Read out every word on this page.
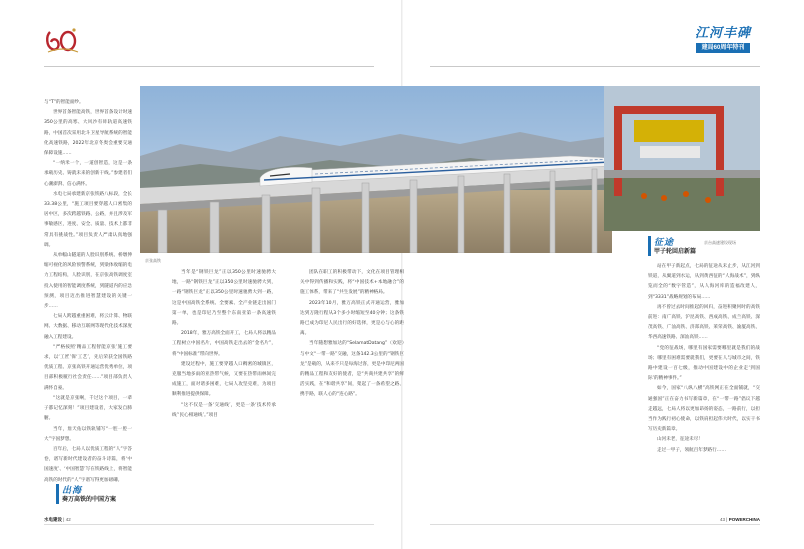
江河丰碑
建局60周年特刊

与“T”的智能面纱。

世界首条智能高铁，世界首条设计时速350公里的高寒、大风沙有砟轨道高速铁路，中国首次采用北斗卫星导航系统的智能化高速铁路，2022年北京冬奥会重要交通保障设施……

“一纳米一个，一道创智造，这是一条承载历史、铸就未来的创新干线。”参建者们心潮澎湃、信心满怀。

水电七局承建新京张铁路八标段，全长33.38公里，“施工项目要穿越人口密集的居中区，多次跨越铁路、公路，并且涉及军事敏感区，进度、安全、质量、技术上都非常具有挑战性。”项目负责人严肃认真地强调。

从单幅山隧道的人脸识别系统、桥墩伸缩可视化的风险预警系统，到梁体收缩的电力工程结构，人脸识别，在京张高铁调度室投入使用的智能调度系统，到隧道内的应急预测，项目迈出推进智慧建设的关键一步……

七局人跨越重重困难，将云计算、物联网、大数据、移动互联网等现代化技术深度融入工程建设。

“严格按照‘精品工程智能京张’施工要求，以‘工匠’保‘工艺’，先后荣获全国铁路优质工程、京张高铁开通运营优秀单位，项目部积极履行社会责任……”项目部负责人满怀自豪。

“这就是京张啊，千过这个项目，一辈子都记忆深刻！”项目建设者，大家发自肺腑。

当年，詹天佑以铁轨铺写“一腔一腔一大”字国梦想。

百年后，七局人以优质工程的“人”字答卷，谱写新时代建设者的奋斗诗篇，将‘中国速度’、‘中国智慧’写在铁路线上，将智能高铁的时代的“人”字谱写得更加磅礴。

京张高铁
京台高速建设现场
出海
奏万高铁的中国方案

当年是“钢铁巨龙”正以350公里时速驰骋大地，一路“钢铁巨龙”正以350公里时速驰骋大到，一路“钢铁巨龙”正以350公里时速驰骋大到一路，这是中国高铁全系统、全要素、全产业链走出国门第一单，也是印尼乃至整个东南亚第一条高速铁路。

2018年，雅万高铁全面开工，七局人将以精品工程树立中国名片，中国高铁走出去的“金名片”，将“中国标准”带向世界。

建设过程中，施工要穿越人口稠密的城镇区，克服当地多雨的亚热带气候，又要在热带雨林间完成施工，面对诸多困难，七局人攻坚克难，为项目顺利推进提供保障。

“这不仅是一条‘交通线’，更是一条‘技术传承线’‘民心相通线’。”项目

团队在职工的积极带动下，文化在项目管理相关中得到传播和实践，将“中国技术+本地融合”的施工体系，带来了“共生发展”的精神格局。

2023年10月，雅万高铁正式开通运营，雅加达到万隆行程从3个多小时缩短至40分钟；这条铁路已成为印尼人民出行的好选择，更是心与心的距离。

当年随想雅加达的“SelamatDatang”（欢迎）与中文“一带一路”交融，这条142.3公里的“钢铁巨龙”是载的，从来不只是每海过客，更是中印尼两国的精品工程和友好的使者，是“共商共建共享”的鲜活实践，在“和谐共享”间，架起了一条希望之路、携手路，联人心的“连心路”。

征途
甲子轮回启新篇

站在甲子新起点，七局的征途从未止步，从江河到铁道，从翼道到水运，从到黄西征的“人海战术”，到纵览而全的“数字管造”，从人海河库的造福改建人，到“3331”战略规划的布局……

再不曾过去时间推起的回归，奋进积聚何时的高铁前进：南广高铁、沪昆高铁、西成高铁、成兰高铁、深茂高铁、广汕高铁、济郑高铁、莱荣高铁、渝厦高铁、华西高速铁路、深汕高铁……

“党的征战场，哪里有国家需要哪里就是我们的战场；哪里有困难需要就我们，更要在人与城市之间，铁路中建设一百七级，推动中国建设中的企业走‘到国际’的精神事件。”

如今，国家“八纵八横”高铁网正在全面铺就，“交通强国”正在奋力书写新篇章，在“一带一路”倡议下越走越远，七局人将以更加昂扬的姿态，一路前行，以担当作为践行初心使命，以铁肩担起伟大时代，以实干书写历史新篇章。

山河未老，征途未尽！

走过一甲子，领航百年梦路行……

水电建设 | 42	43 | POWERCHINA
